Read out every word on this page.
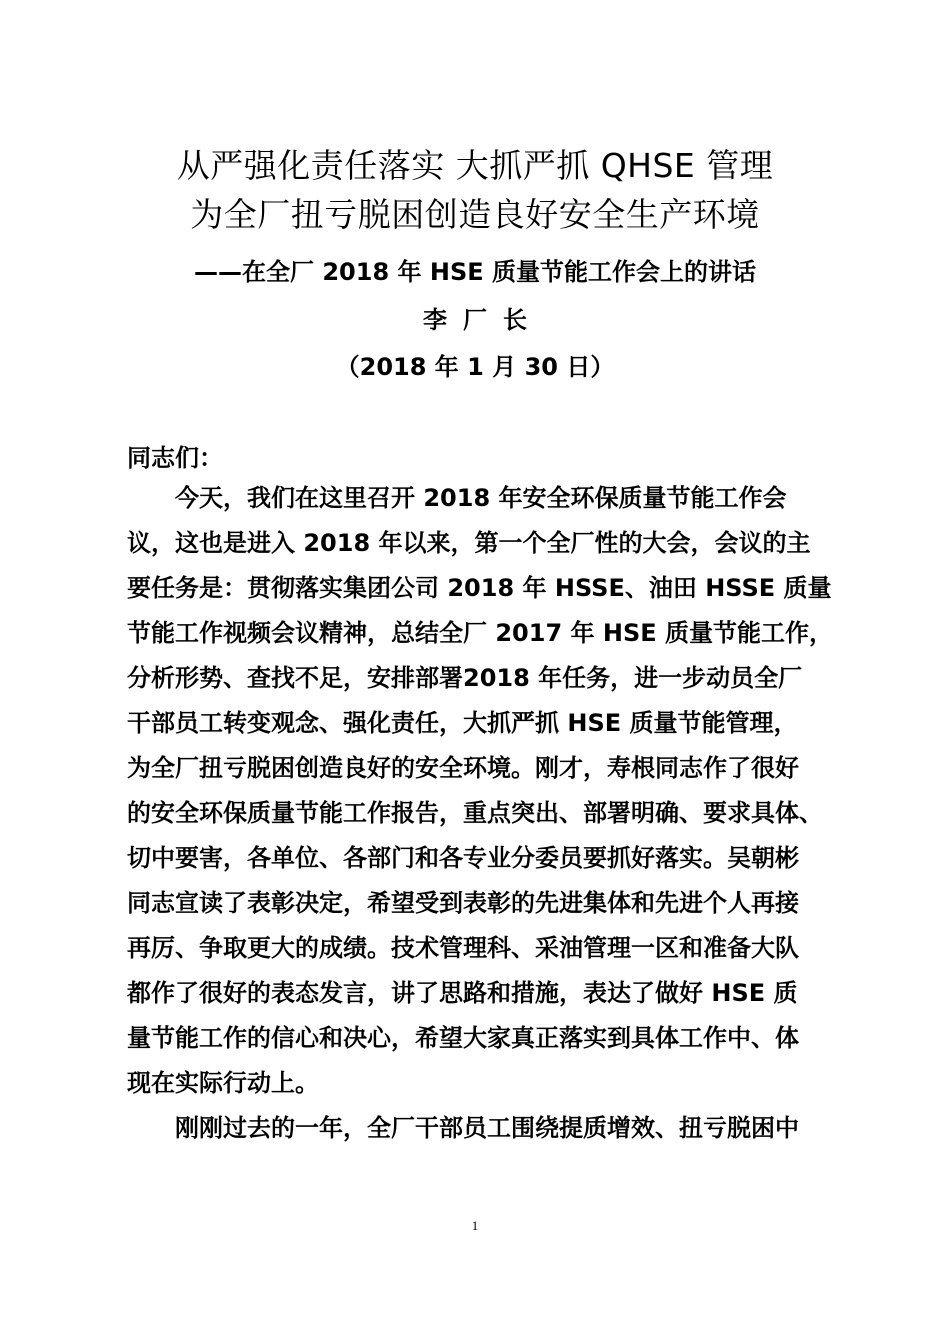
从严强化责任落实 大抓严抓 QHSE 管理
为全厂扭亏脱困创造良好安全生产环境
——在全厂 2018 年 HSE 质量节能工作会上的讲话
李厂长
（2018 年 1 月 30 日）
同志们：
今天，我们在这里召开 2018 年安全环保质量节能工作会
议，这也是进入 2018 年以来，第一个全厂性的大会，会议的主
要任务是：贯彻落实集团公司 2018 年 HSSE、油田 HSSE 质量
节能工作视频会议精神，总结全厂 2017 年 HSE 质量节能工作，
分析形势、查找不足，安排部署2018 年任务，进一步动员全厂
干部员工转变观念、强化责任，大抓严抓 HSE 质量节能管理，
为全厂扭亏脱困创造良好的安全环境。刚才，寿根同志作了很好
的安全环保质量节能工作报告，重点突出、部署明确、要求具体、
切中要害，各单位、各部门和各专业分委员要抓好落实。吴朝彬
同志宣读了表彰决定，希望受到表彰的先进集体和先进个人再接
再厉、争取更大的成绩。技术管理科、采油管理一区和准备大队
都作了很好的表态发言，讲了思路和措施，表达了做好 HSE 质
量节能工作的信心和决心，希望大家真正落实到具体工作中、体
现在实际行动上。
刚刚过去的一年，全厂干部员工围绕提质增效、扭亏脱困中
1
